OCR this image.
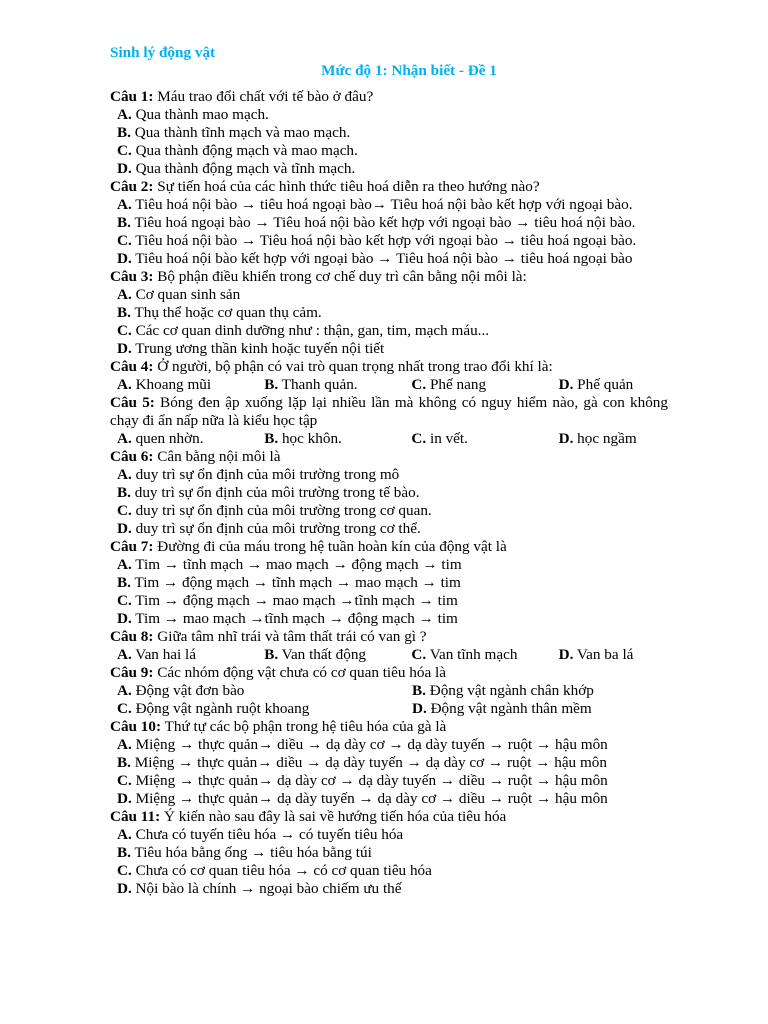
Sinh lý động vật
Mức độ 1: Nhận biết - Đề 1
Câu 1: Máu trao đổi chất với tế bào ở đâu?
A. Qua thành mao mạch.
B. Qua thành tĩnh mạch và mao mạch.
C. Qua thành động mạch và mao mạch.
D. Qua thành động mạch và tĩnh mạch.
Câu 2: Sự tiến hoá của các hình thức tiêu hoá diễn ra theo hướng nào?
A. Tiêu hoá nội bào → tiêu hoá ngoại bào→ Tiêu hoá nội bào kết hợp với ngoại bào.
B. Tiêu hoá ngoại bào → Tiêu hoá nội bào kết hợp với ngoại bào → tiêu hoá nội bào.
C. Tiêu hoá nội bào → Tiêu hoá nội bào kết hợp với ngoại bào → tiêu hoá ngoại bào.
D. Tiêu hoá nội bào kết hợp với ngoại bào → Tiêu hoá nội bào → tiêu hoá ngoại bào
Câu 3: Bộ phận điều khiển trong cơ chế duy trì cân bằng nội môi là:
A. Cơ quan sinh sản
B. Thụ thể hoặc cơ quan thụ cảm.
C. Các cơ quan dinh dưỡng như : thận, gan, tim, mạch máu...
D. Trung ương thần kinh hoặc tuyến nội tiết
Câu 4: Ở người, bộ phận có vai trò quan trọng nhất trong trao đổi khí là:
A. Khoang mũi	B. Thanh quản.	C. Phế nang	D. Phế quản
Câu 5: Bóng đen ập xuống lặp lại nhiều lần mà không có nguy hiểm nào, gà con không chạy đi ẩn nấp nữa là kiểu học tập
A. quen nhờn.	B. học khôn.	C. in vết.	D. học ngầm
Câu 6: Cân bằng nội môi là
A. duy trì sự ổn định của môi trường trong mô
B. duy trì sự ổn định của môi trường trong tế bào.
C. duy trì sự ổn định của môi trường trong cơ quan.
D. duy trì sự ổn định của môi trường trong cơ thể.
Câu 7: Đường đi của máu trong hệ tuần hoàn kín của động vật là
A. Tim → tĩnh mạch → mao mạch → động mạch → tim
B. Tim → động mạch → tĩnh mạch → mao mạch → tim
C. Tim → động mạch → mao mạch →tĩnh mạch → tim
D. Tim → mao mạch →tĩnh mạch → động mạch → tim
Câu 8: Giữa tâm nhĩ trái và tâm thất trái có van gì ?
A. Van hai lá	B. Van thất động	C. Van tĩnh mạch	D. Van ba lá
Câu 9: Các nhóm động vật chưa có cơ quan tiêu hóa là
A. Động vật đơn bào	B. Động vật ngành chân khớp
C. Động vật ngành ruột khoang	D. Động vật ngành thân mềm
Câu 10: Thứ tự các bộ phận trong hệ tiêu hóa của gà là
A. Miệng → thực quản→ diều → dạ dày cơ → dạ dày tuyến → ruột → hậu môn
B. Miệng → thực quản→ diều → dạ dày tuyến → dạ dày cơ → ruột → hậu môn
C. Miệng → thực quản→ dạ dày cơ → dạ dày tuyến → diều → ruột → hậu môn
D. Miệng → thực quản→ dạ dày tuyến → dạ dày cơ → diều → ruột → hậu môn
Câu 11: Ý kiến nào sau đây là sai về hướng tiến hóa của tiêu hóa
A. Chưa có tuyến tiêu hóa → có tuyến tiêu hóa
B. Tiêu hóa bằng ống → tiêu hóa bằng túi
C. Chưa có cơ quan tiêu hóa → có cơ quan tiêu hóa
D. Nội bào là chính → ngoại bào chiếm ưu thế
